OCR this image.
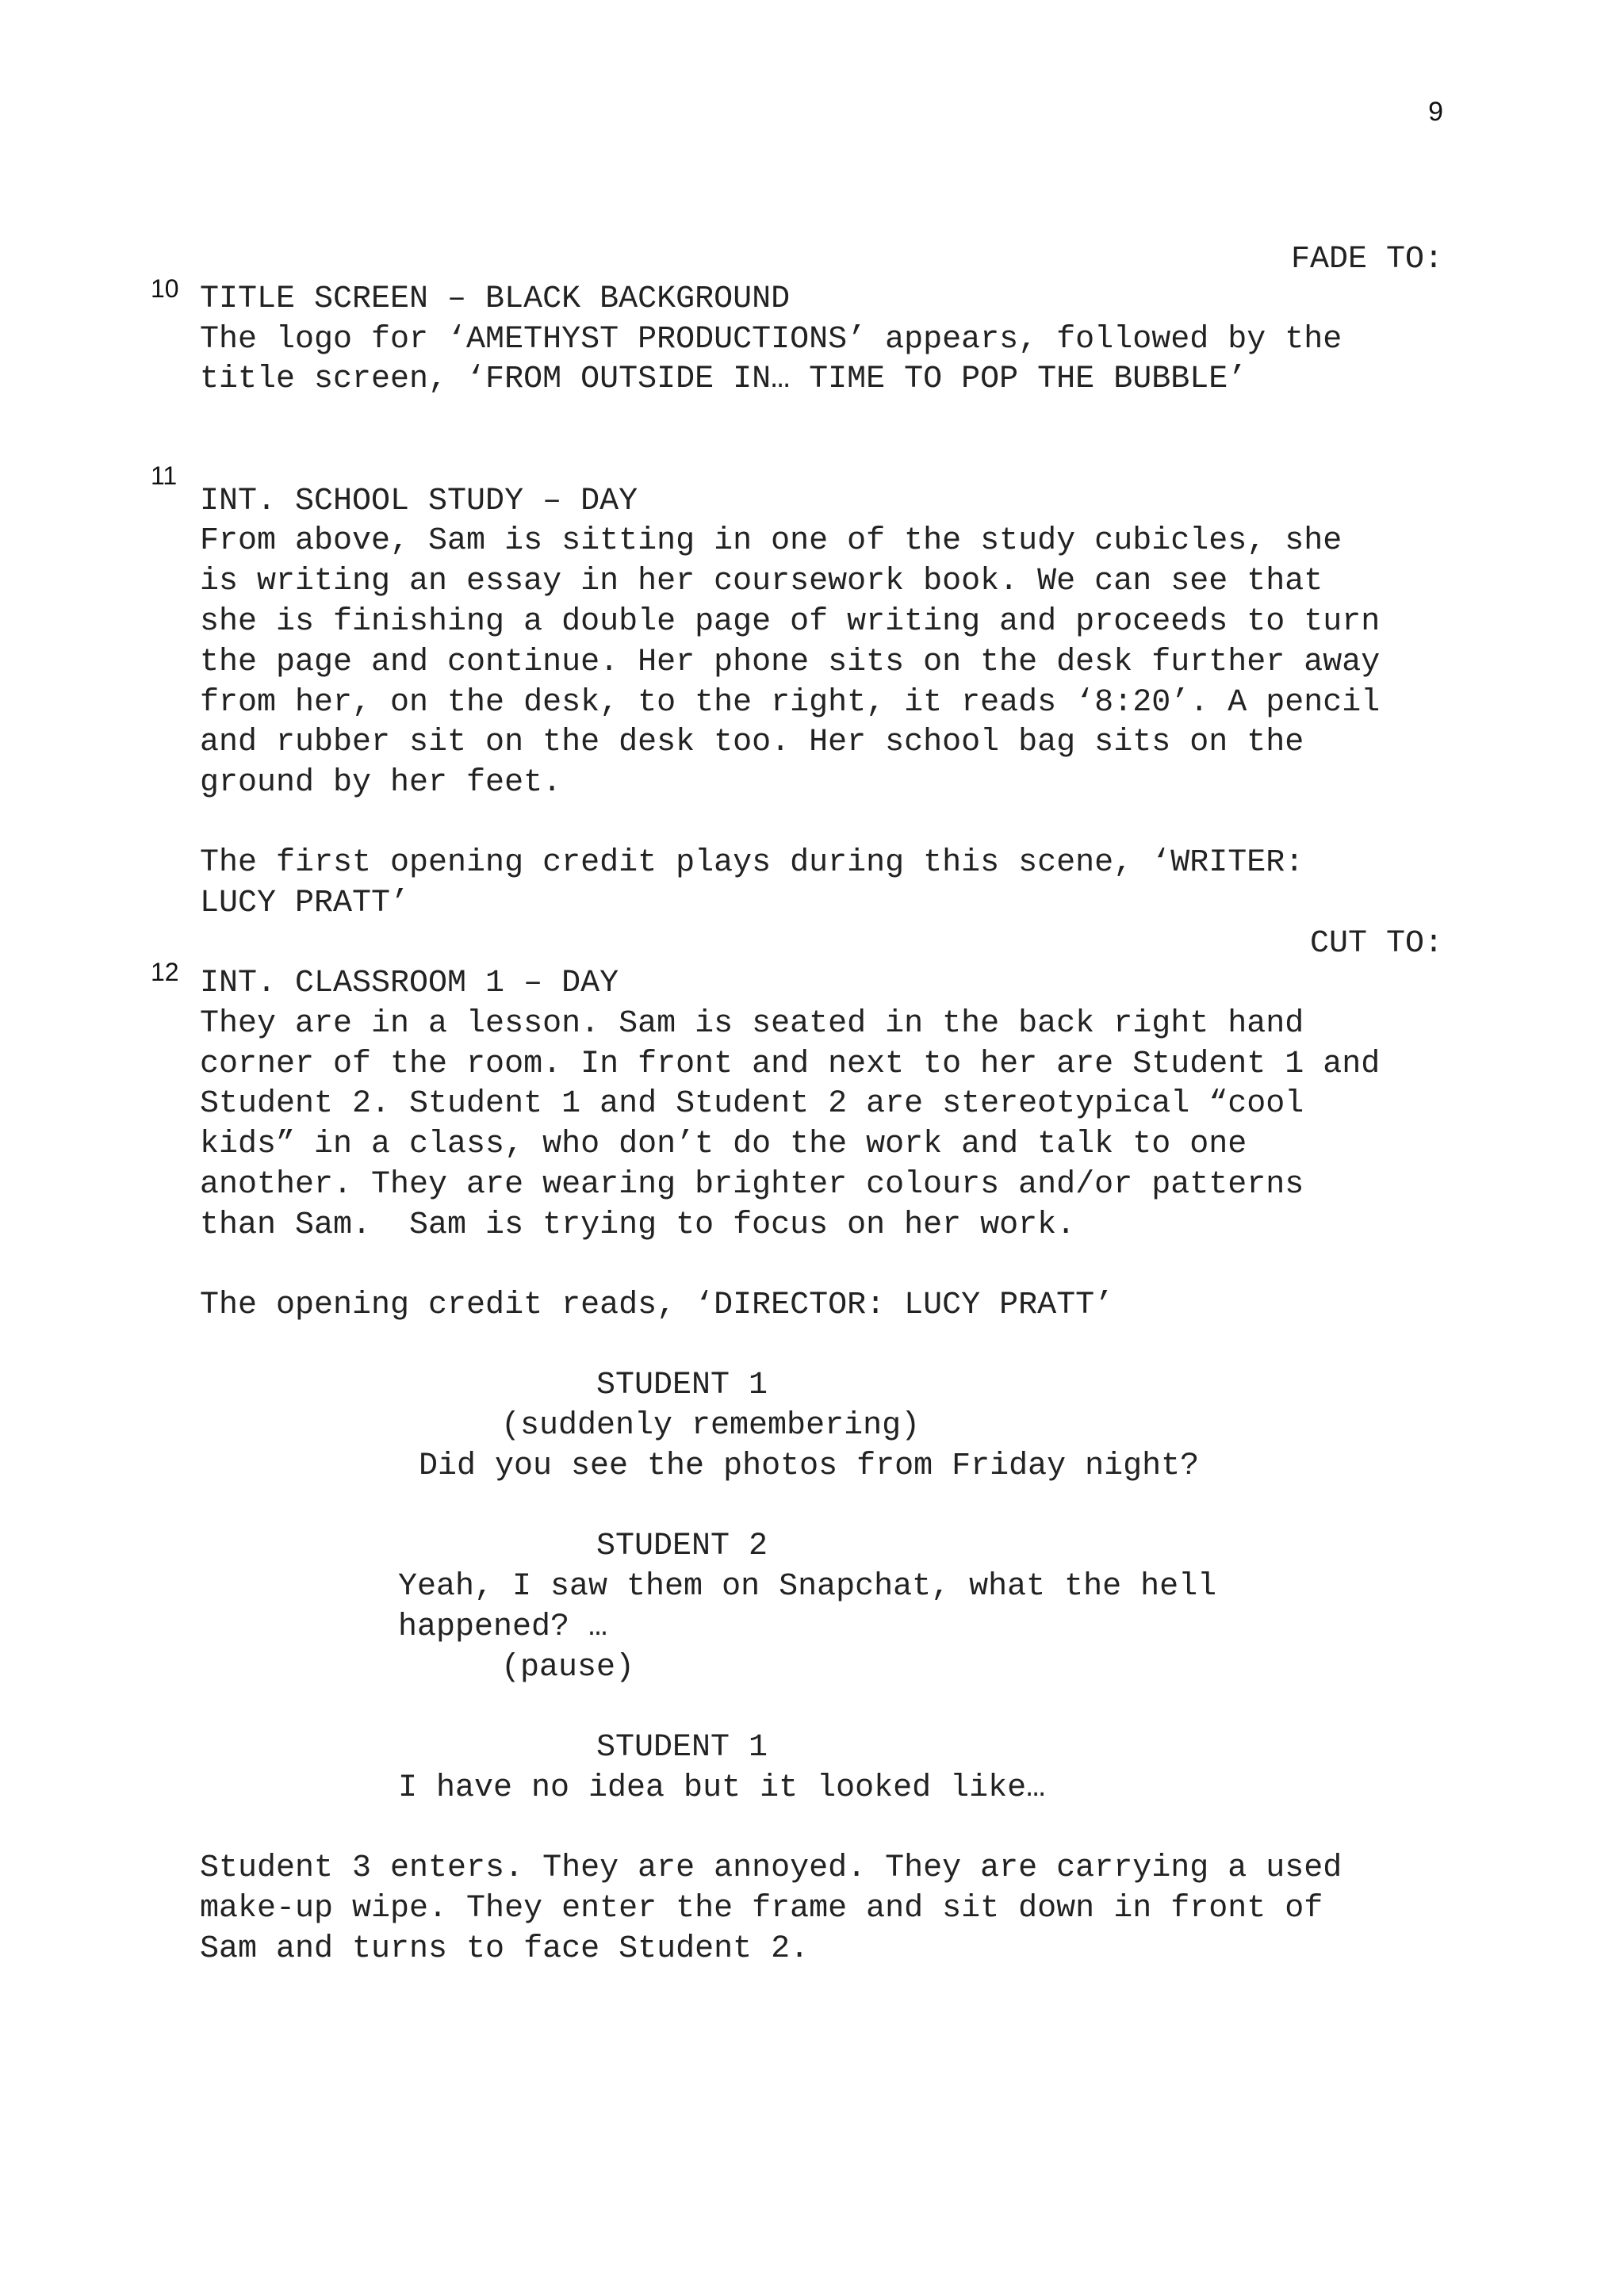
9
FADE TO:
10 TITLE SCREEN – BLACK BACKGROUND
The logo for ‘AMETHYST PRODUCTIONS’ appears, followed by the
title screen, ‘FROM OUTSIDE IN… TIME TO POP THE BUBBLE’
11
INT. SCHOOL STUDY – DAY
From above, Sam is sitting in one of the study cubicles, she
is writing an essay in her coursework book. We can see that
she is finishing a double page of writing and proceeds to turn
the page and continue. Her phone sits on the desk further away
from her, on the desk, to the right, it reads ‘8:20’. A pencil
and rubber sit on the desk too. Her school bag sits on the
ground by her feet.
The first opening credit plays during this scene, ‘WRITER:
LUCY PRATT’
CUT TO:
12 INT. CLASSROOM 1 – DAY
They are in a lesson. Sam is seated in the back right hand
corner of the room. In front and next to her are Student 1 and
Student 2. Student 1 and Student 2 are stereotypical “cool
kids” in a class, who don’t do the work and talk to one
another. They are wearing brighter colours and/or patterns
than Sam.  Sam is trying to focus on her work.
The opening credit reads, ‘DIRECTOR: LUCY PRATT’
STUDENT 1
(suddenly remembering)
Did you see the photos from Friday night?
STUDENT 2
Yeah, I saw them on Snapchat, what the hell
happened? …
(pause)
STUDENT 1
I have no idea but it looked like…
Student 3 enters. They are annoyed. They are carrying a used
make-up wipe. They enter the frame and sit down in front of
Sam and turns to face Student 2.
